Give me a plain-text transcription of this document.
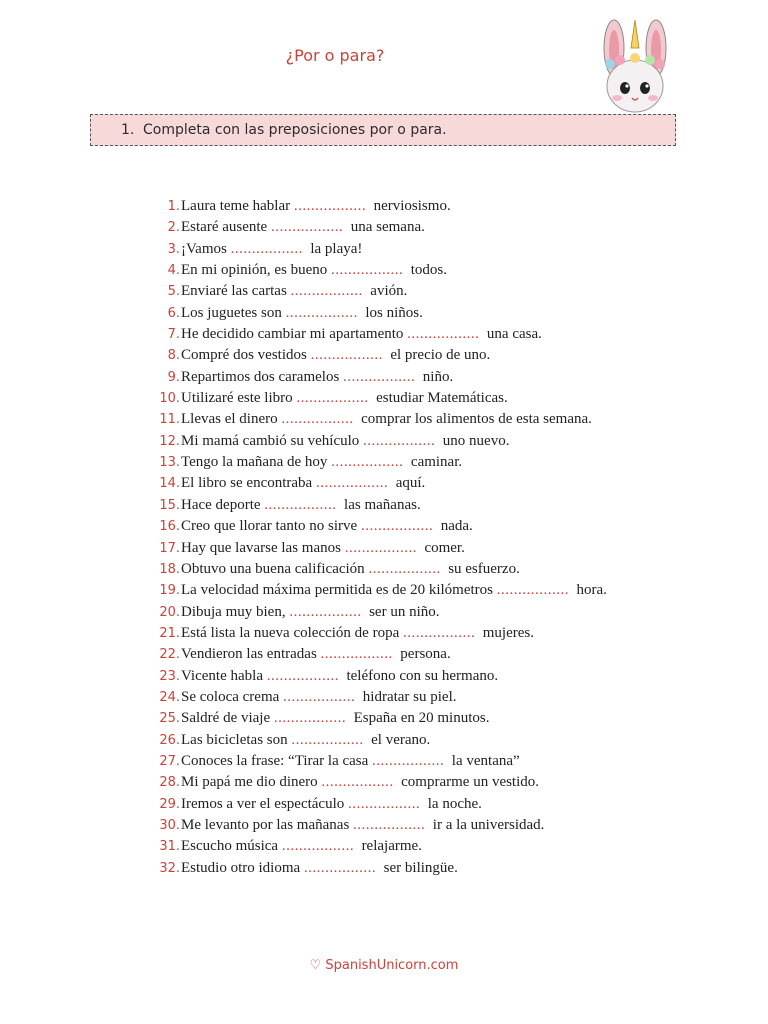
¿Por o para?
1. Completa con las preposiciones por o para.
1.Laura teme hablar ................. nerviosismo.
2.Estaré ausente ................. una semana.
3.¡Vamos ................. la playa!
4.En mi opinión, es bueno ................. todos.
5.Enviaré las cartas ................. avión.
6.Los juguetes son ................. los niños.
7.He decidido cambiar mi apartamento ................. una casa.
8.Compré dos vestidos ................. el precio de uno.
9.Repartimos dos caramelos ................. niño.
10.Utilizaré este libro ................. estudiar Matemáticas.
11.Llevas el dinero ................. comprar los alimentos de esta semana.
12.Mi mamá cambió su vehículo ................. uno nuevo.
13.Tengo la mañana de hoy ................. caminar.
14.El libro se encontraba ................. aquí.
15.Hace deporte ................. las mañanas.
16.Creo que llorar tanto no sirve ................. nada.
17.Hay que lavarse las manos ................. comer.
18.Obtuvo una buena calificación ................. su esfuerzo.
19.La velocidad máxima permitida es de 20 kilómetros ................. hora.
20.Dibuja muy bien, ................. ser un niño.
21.Está lista la nueva colección de ropa ................. mujeres.
22.Vendieron las entradas ................. persona.
23.Vicente habla ................. teléfono con su hermano.
24.Se coloca crema ................. hidratar su piel.
25.Saldré de viaje ................. España en 20 minutos.
26.Las bicicletas son ................. el verano.
27.Conoces la frase: “Tirar la casa ................. la ventana”
28.Mi papá me dio dinero ................. comprarme un vestido.
29.Iremos a ver el espectáculo ................. la noche.
30.Me levanto por las mañanas ................. ir a la universidad.
31.Escucho música ................. relajarme.
32.Estudio otro idioma ................. ser bilingüe.
♡ SpanishUnicorn.com
